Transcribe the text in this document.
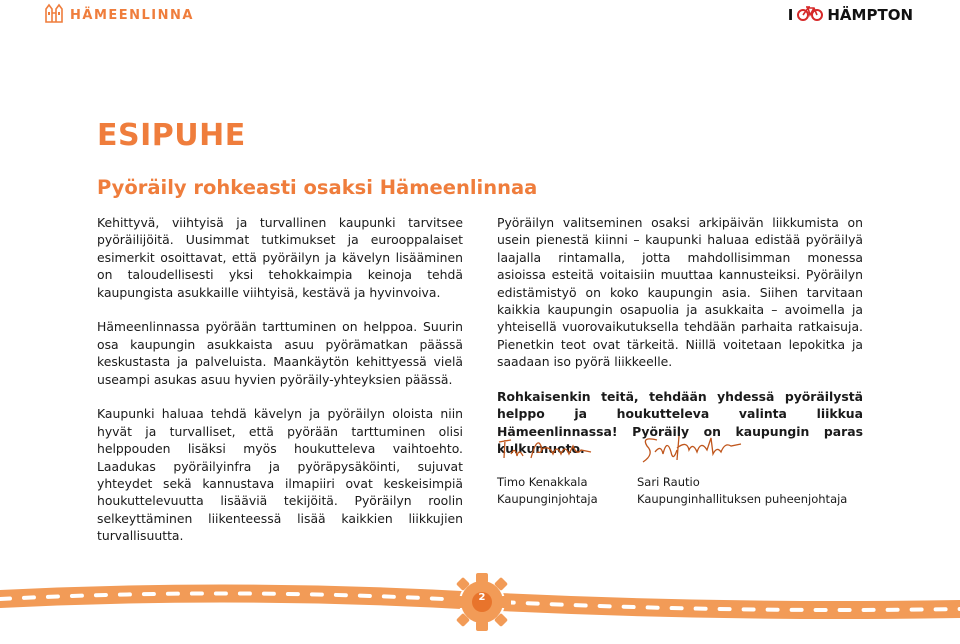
HÄMEENLINNA	I HÄMPTON
ESIPUHE
Pyöräily rohkeasti osaksi Hämeenlinnaa

Kehittyvä, viihtyisä ja turvallinen kaupunki tarvitsee pyöräilijöitä. Uusimmat tutkimukset ja eurooppalaiset esimerkit osoittavat, että pyöräilyn ja kävelyn lisääminen on taloudellisesti yksi tehokkaimpia keinoja tehdä kaupungista asukkaille viihtyisä, kestävä ja hyvinvoiva.

Hämeenlinnassa pyörään tarttuminen on helppoa. Suurin osa kaupungin asukkaista asuu pyörämatkan päässä keskustasta ja palveluista. Maankäytön kehittyessä vielä useampi asukas asuu hyvien pyöräily-yhteyksien päässä.

Kaupunki haluaa tehdä kävelyn ja pyöräilyn oloista niin hyvät ja turvalliset, että pyörään tarttuminen olisi helppouden lisäksi myös houkutteleva vaihtoehto. Laadukas pyöräilyinfra ja pyöräpysäköinti, sujuvat yhteydet sekä kannustava ilmapiiri ovat keskeisimpiä houkuttelevuutta lisääviä tekijöitä. Pyöräilyn roolin selkeyttäminen liikenteessä lisää kaikkien liikkujien turvallisuutta.

Pyöräilyn valitseminen osaksi arkipäivän liikkumista on usein pienestä kiinni – kaupunki haluaa edistää pyöräilyä laajalla rintamalla, jotta mahdollisimman monessa asioissa esteitä voitaisiin muuttaa kannusteiksi. Pyöräilyn edistämistyö on koko kaupungin asia. Siihen tarvitaan kaikkia kaupungin osapuolia ja asukkaita – avoimella ja yhteisellä vuorovaikutuksella tehdään parhaita ratkaisuja. Pienetkin teot ovat tärkeitä. Niillä voitetaan lepokitka ja saadaan iso pyörä liikkeelle.

Rohkaisenkin teitä, tehdään yhdessä pyöräilystä helppo ja houkutteleva valinta liikkua Hämeenlinnassa! Pyöräily on kaupungin paras kulkumuoto.

Timo Kenakkala
Kaupunginjohtaja
Sari Rautio
Kaupunginhallituksen puheenjohtaja
2
